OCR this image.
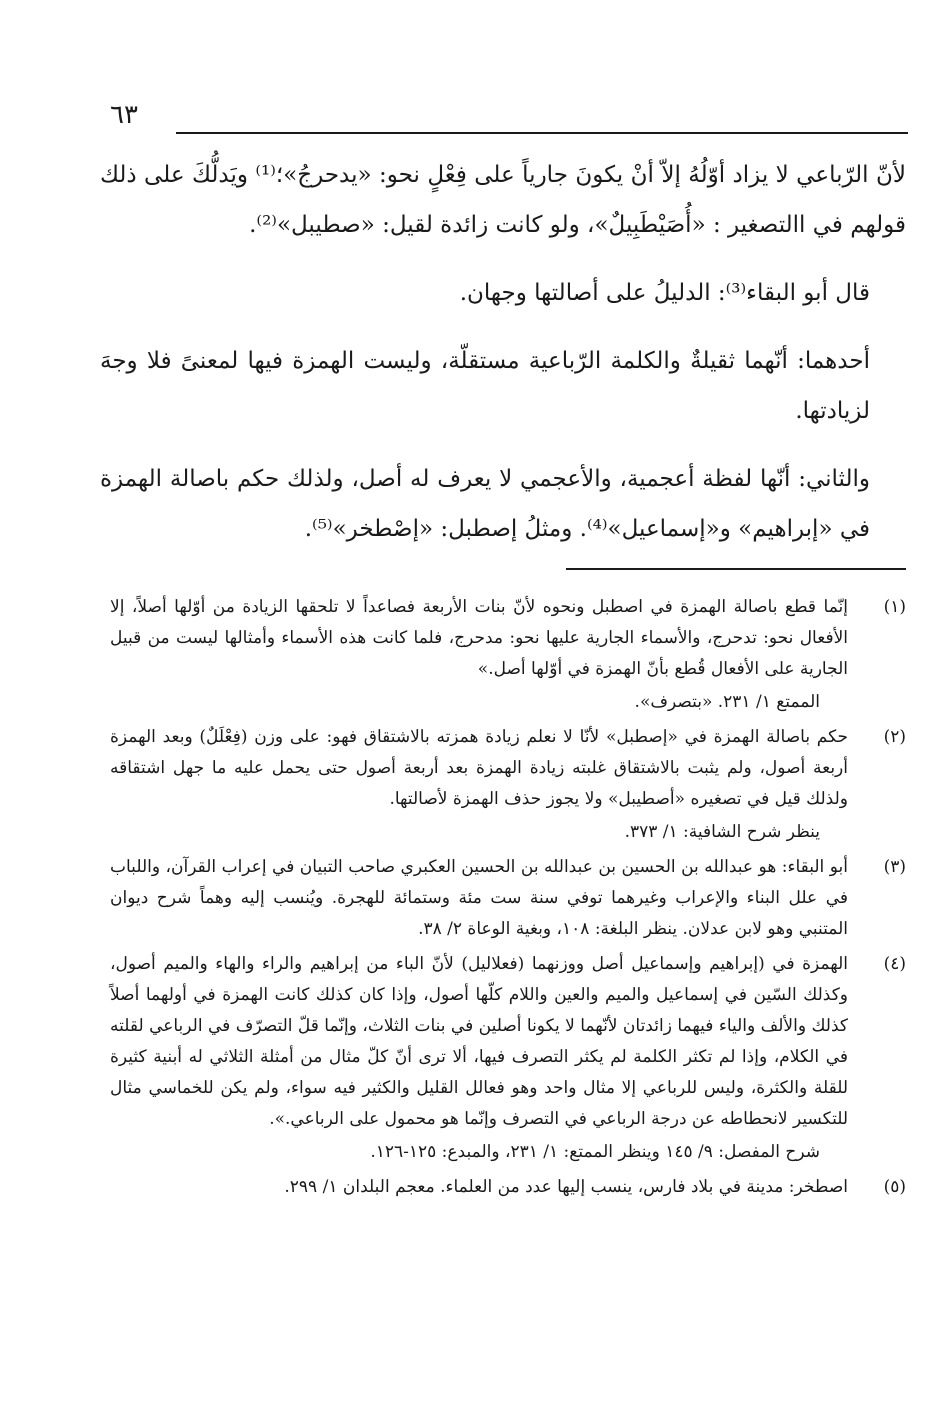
٦٣

لأنّ الرّباعي لا يزاد أوّلُهُ إلاّ أنْ يكونَ جارياً على فِعْلٍ نحو: «يدحرجُ»؛⁽¹⁾ ويَدلُّكَ على ذلك قولهم في االتصغير : «أُصَيْطَبِيلٌ»، ولو كانت زائدة لقيل: «صطيبل»⁽²⁾.

قال أبو البقاء⁽³⁾: الدليلُ على أصالتها وجهان.

أحدهما: أنّهما ثقيلةٌ والكلمة الرّباعية مستقلّة، وليست الهمزة فيها لمعنىً فلا وجهَ لزيادتها.

والثاني: أنّها لفظة أعجمية، والأعجمي لا يعرف له أصل، ولذلك حكم باصالة الهمزة في «إبراهيم» و«إسماعيل»⁽⁴⁾. ومثلُ إصطبل: «إصْطخر»⁽⁵⁾.

(١)
إنّما قطع باصالة الهمزة في اصطبل ونحوه لأنّ بنات الأربعة فصاعداً لا تلحقها الزيادة من أوّلها أصلاً، إلا الأفعال نحو: تدحرج، والأسماء الجارية عليها نحو: مدحرج، فلما كانت هذه الأسماء وأمثالها ليست من قبيل الجارية على الأفعال قُطع بأنّ الهمزة في أوّلها أصل.»
الممتع ١/ ٢٣١. «بتصرف».
(٢)
حكم باصالة الهمزة في «إصطبل» لأنّا لا نعلم زيادة همزته بالاشتقاق فهو: على وزن (فِعْلَلٌ) وبعد الهمزة أربعة أصول، ولم يثبت بالاشتقاق غلبته زيادة الهمزة بعد أربعة أصول حتى يحمل عليه ما جهل اشتقاقه ولذلك قيل في تصغيره «أصطيبل» ولا يجوز حذف الهمزة لأصالتها.
ينظر شرح الشافية: ١/ ٣٧٣.
(٣)
أبو البقاء: هو عبدالله بن الحسين بن عبدالله بن الحسين العكبري صاحب التبيان في إعراب القرآن، واللباب في علل البناء والإعراب وغيرهما توفي سنة ست مئة وستمائة للهجرة. ويُنسب إليه وهماً شرح ديوان المتنبي وهو لابن عدلان. ينظر البلغة: ١٠٨، وبغية الوعاة ٢/ ٣٨.
(٤)
الهمزة في (إبراهيم وإسماعيل أصل ووزنهما (فعلاليل) لأنّ الباء من إبراهيم والراء والهاء والميم أصول، وكذلك السّين في إسماعيل والميم والعين واللام كلّها أصول، وإذا كان كذلك كانت الهمزة في أولهما أصلاً كذلك والألف والياء فيهما زائدتان لأنّهما لا يكونا أصلين في بنات الثلاث، وإنّما قلّ التصرّف في الرباعي لقلته في الكلام، وإذا لم تكثر الكلمة لم يكثر التصرف فيها، ألا ترى أنّ كلّ مثال من أمثلة الثلاثي له أبنية كثيرة للقلة والكثرة، وليس للرباعي إلا مثال واحد وهو فعالل القليل والكثير فيه سواء، ولم يكن للخماسي مثال للتكسير لانحطاطه عن درجة الرباعي في التصرف وإنّما هو محمول على الرباعي.».
شرح المفصل: ٩/ ١٤٥ وينظر الممتع: ١/ ٢٣١، والمبدع: ١٢٥-١٢٦.
(٥)
اصطخر: مدينة في بلاد فارس، ينسب إليها عدد من العلماء. معجم البلدان ١/ ٢٩٩.
